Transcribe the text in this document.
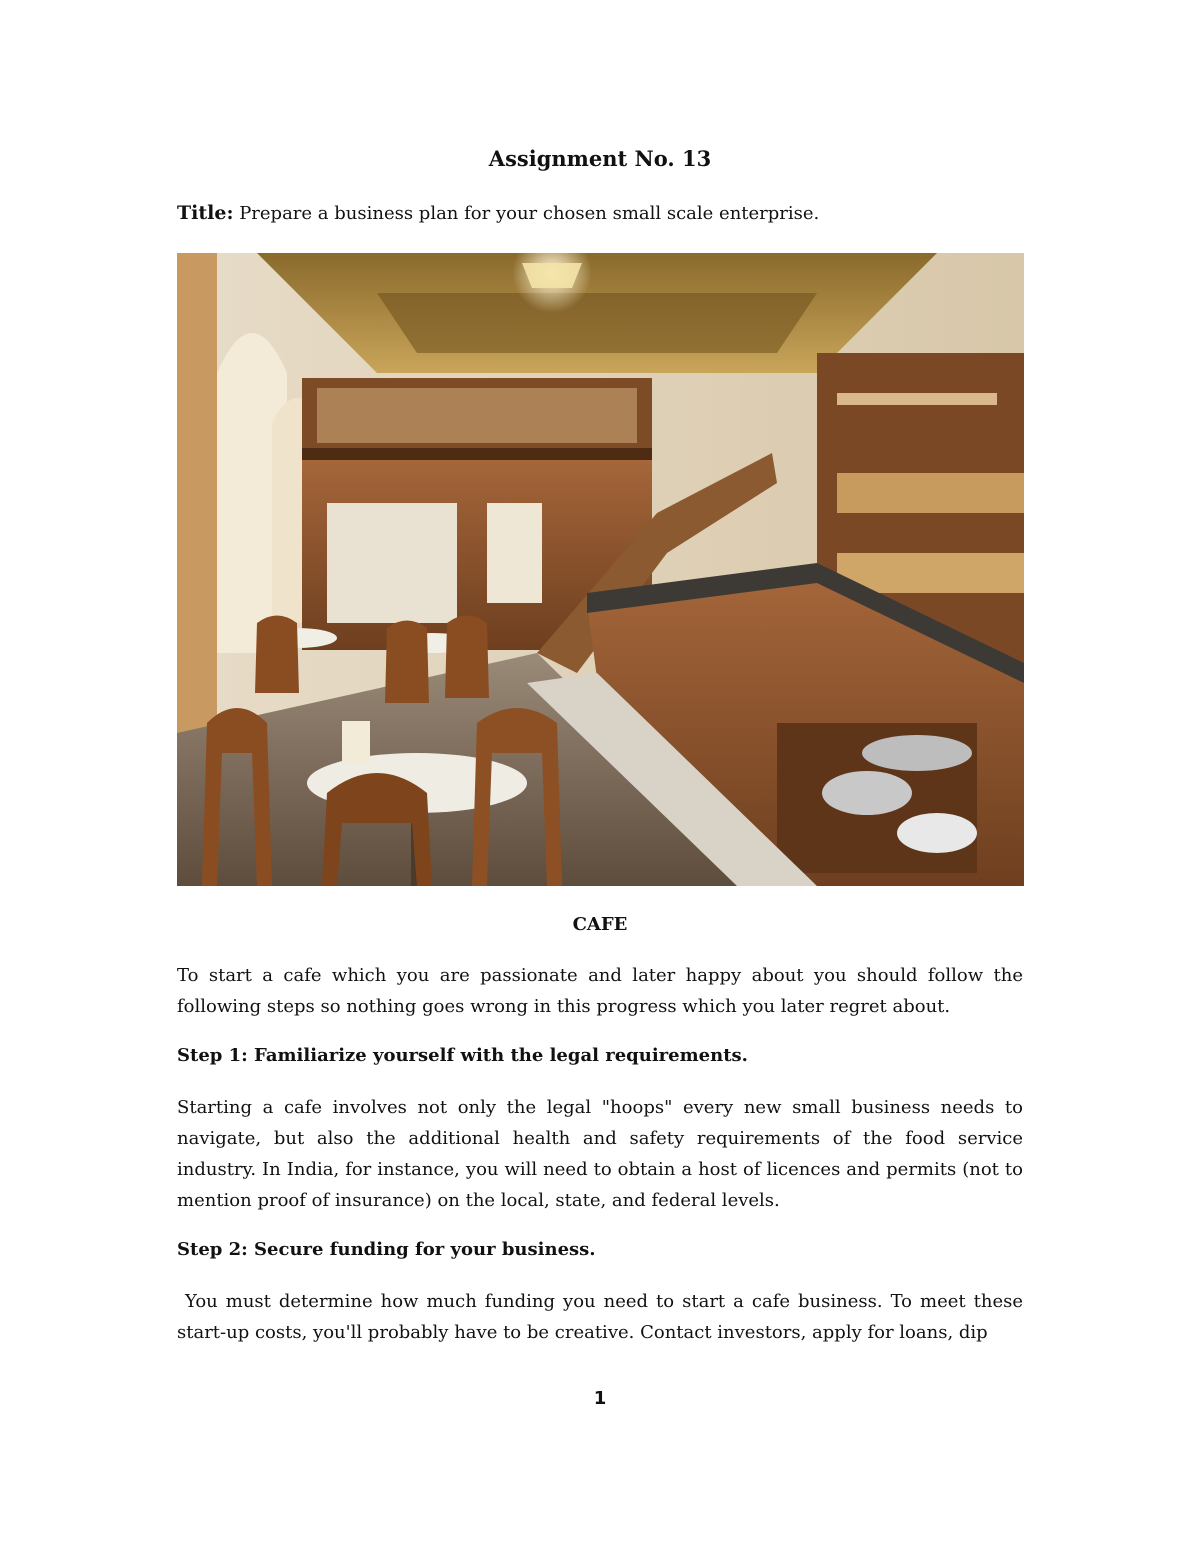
Assignment No. 13
Title: Prepare a business plan for your chosen small scale enterprise.
CAFE

To start a cafe which you are passionate and later happy about you should follow the following steps so nothing goes wrong in this progress which you later regret about.

Step 1: Familiarize yourself with the legal requirements.

Starting a cafe involves not only the legal "hoops" every new small business needs to navigate, but also the additional health and safety requirements of the food service industry. In India, for instance, you will need to obtain a host of licences and permits (not to mention proof of insurance) on the local, state, and federal levels.

Step 2: Secure funding for your business.

You must determine how much funding you need to start a cafe business. To meet these start-up costs, you'll probably have to be creative. Contact investors, apply for loans, dip

1
